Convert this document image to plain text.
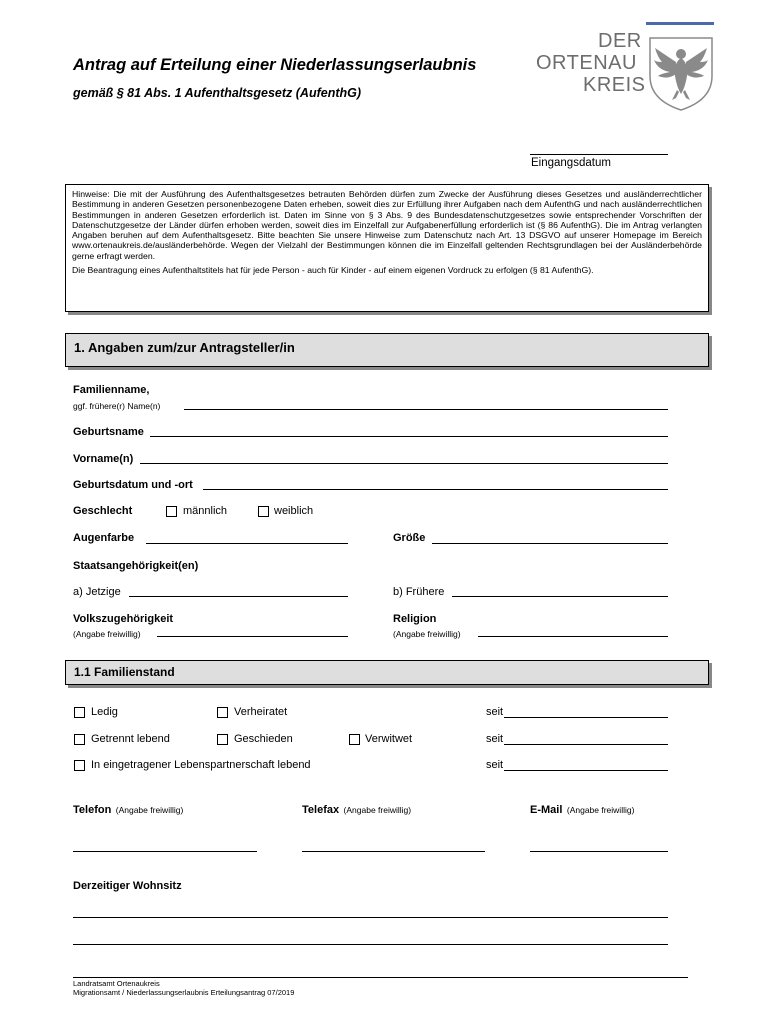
Antrag auf Erteilung einer Niederlassungserlaubnis
gemäß § 81 Abs. 1 Aufenthaltsgesetz (AufenthG)
DER
ORTENAU
KREIS
Eingangsdatum

Hinweise: Die mit der Ausführung des Aufenthaltsgesetzes betrauten Behörden dürfen zum Zwecke der Ausführung dieses Gesetzes und ausländerrechtlicher Bestimmung in anderen Gesetzen personenbezogene Daten erheben, soweit dies zur Erfüllung ihrer Aufgaben nach dem AufenthG und nach ausländerrechtlichen Bestimmungen in anderen Gesetzen erforderlich ist. Daten im Sinne von § 3 Abs. 9 des Bundesdatenschutzgesetzes sowie entsprechender Vorschriften der Datenschutzgesetze der Länder dürfen erhoben werden, soweit dies im Einzelfall zur Aufgabenerfüllung erforderlich ist (§ 86 AufenthG). Die im Antrag verlangten Angaben beruhen auf dem Aufenthaltsgesetz. Bitte beachten Sie unsere Hinweise zum Datenschutz nach Art. 13 DSGVO auf unserer Homepage im Bereich www.ortenaukreis.de/ausländerbehörde. Wegen der Vielzahl der Bestimmungen können die im Einzelfall geltenden Rechtsgrundlagen bei der Ausländerbehörde gerne erfragt werden.

Die Beantragung eines Aufenthaltstitels hat für jede Person - auch für Kinder - auf einem eigenen Vordruck zu erfolgen (§ 81 AufenthG).

1. Angaben zum/zur Antragsteller/in
Familienname,
ggf. frühere(r) Name(n)
Geburtsname
Vorname(n)
Geburtsdatum und -ort
Geschlecht	männlich	weiblich
Augenfarbe	Größe
Staatsangehörigkeit(en)
a) Jetzige	b) Frühere
Volkszugehörigkeit
(Angabe freiwillig)
Religion
(Angabe freiwillig)
1.1 Familienstand
Ledig	Verheiratet	seit
Getrennt lebend	Geschieden	Verwitwet	seit
In eingetragener Lebenspartnerschaft lebend	seit
Telefon (Angabe freiwillig)	Telefax (Angabe freiwillig)	E-Mail (Angabe freiwillig)
Derzeitiger Wohnsitz
Landratsamt Ortenaukreis
Migrationsamt / Niederlassungserlaubnis Erteilungsantrag 07/2019
